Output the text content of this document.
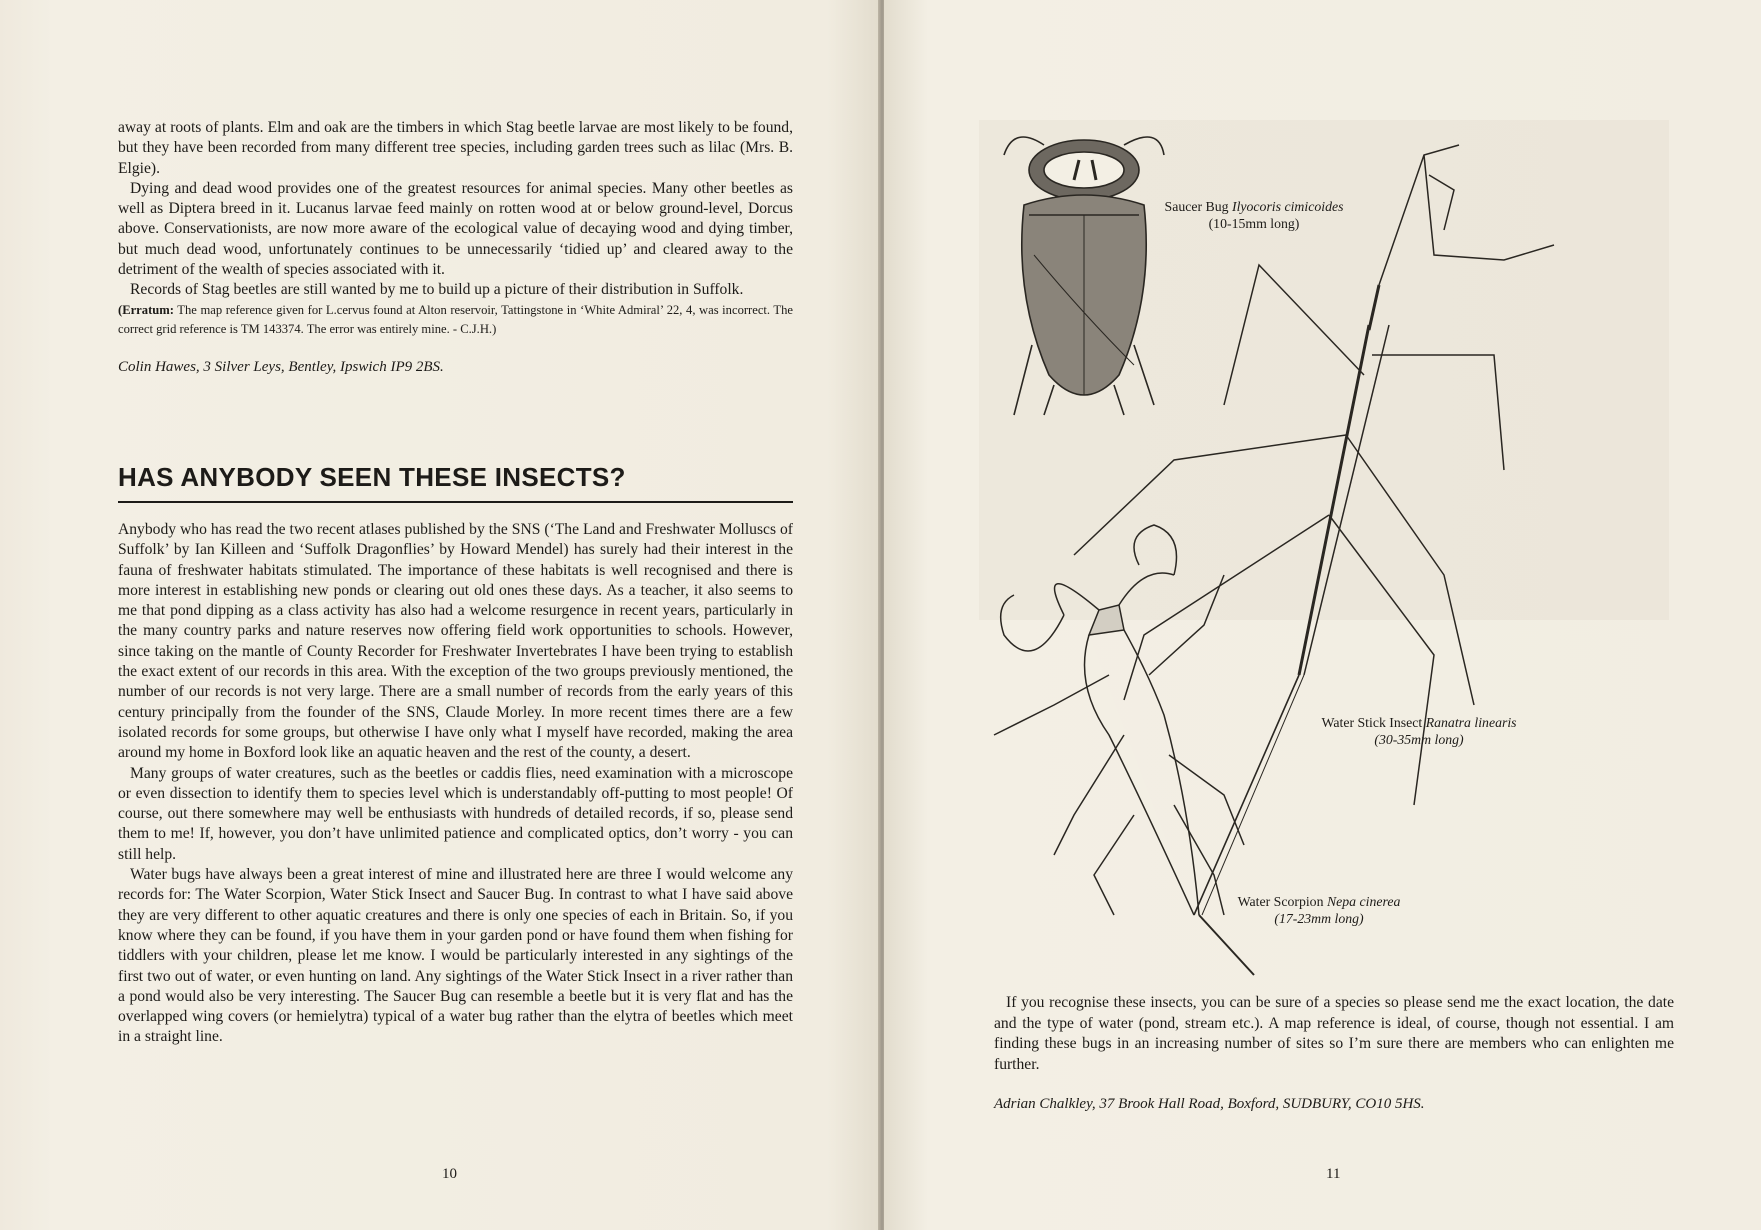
away at roots of plants. Elm and oak are the timbers in which Stag beetle larvae are most likely to be found, but they have been recorded from many different tree species, including garden trees such as lilac (Mrs. B. Elgie).

Dying and dead wood provides one of the greatest resources for animal species. Many other beetles as well as Diptera breed in it. Lucanus larvae feed mainly on rotten wood at or below ground-level, Dorcus above. Conservationists, are now more aware of the ecological value of decaying wood and dying timber, but much dead wood, unfortunately continues to be unnecessarily ‘tidied up’ and cleared away to the detriment of the wealth of species associated with it.

Records of Stag beetles are still wanted by me to build up a picture of their distribution in Suffolk.

(Erratum: The map reference given for L.cervus found at Alton reservoir, Tattingstone in ‘White Admiral’ 22, 4, was incorrect. The correct grid reference is TM 143374. The error was entirely mine. - C.J.H.)

Colin Hawes, 3 Silver Leys, Bentley, Ipswich IP9 2BS.

HAS ANYBODY SEEN THESE INSECTS?

Anybody who has read the two recent atlases published by the SNS (‘The Land and Freshwater Molluscs of Suffolk’ by Ian Killeen and ‘Suffolk Dragonflies’ by Howard Mendel) has surely had their interest in the fauna of freshwater habitats stimulated. The importance of these habitats is well recognised and there is more interest in establishing new ponds or clearing out old ones these days. As a teacher, it also seems to me that pond dipping as a class activity has also had a welcome resurgence in recent years, particularly in the many country parks and nature reserves now offering field work opportunities to schools. However, since taking on the mantle of County Recorder for Freshwater Invertebrates I have been trying to establish the exact extent of our records in this area. With the exception of the two groups previously mentioned, the number of our records is not very large. There are a small number of records from the early years of this century principally from the founder of the SNS, Claude Morley. In more recent times there are a few isolated records for some groups, but otherwise I have only what I myself have recorded, making the area around my home in Boxford look like an aquatic heaven and the rest of the county, a desert.

Many groups of water creatures, such as the beetles or caddis flies, need examination with a microscope or even dissection to identify them to species level which is understandably off-putting to most people! Of course, out there somewhere may well be enthusiasts with hundreds of detailed records, if so, please send them to me! If, however, you don’t have unlimited patience and complicated optics, don’t worry - you can still help.

Water bugs have always been a great interest of mine and illustrated here are three I would welcome any records for: The Water Scorpion, Water Stick Insect and Saucer Bug. In contrast to what I have said above they are very different to other aquatic creatures and there is only one species of each in Britain. So, if you know where they can be found, if you have them in your garden pond or have found them when fishing for tiddlers with your children, please let me know. I would be particularly interested in any sightings of the first two out of water, or even hunting on land. Any sightings of the Water Stick Insect in a river rather than a pond would also be very interesting. The Saucer Bug can resemble a beetle but it is very flat and has the overlapped wing covers (or hemielytra) typical of a water bug rather than the elytra of beetles which meet in a straight line.

10
Saucer Bug Ilyocoris cimicoides
(10-15mm long)
Water Stick Insect Ranatra linearis
(30-35mm long)
Water Scorpion Nepa cinerea
(17-23mm long)

If you recognise these insects, you can be sure of a species so please send me the exact location, the date and the type of water (pond, stream etc.). A map reference is ideal, of course, though not essential. I am finding these bugs in an increasing number of sites so I’m sure there are members who can enlighten me further.

Adrian Chalkley, 37 Brook Hall Road, Boxford, SUDBURY, CO10 5HS.
11
